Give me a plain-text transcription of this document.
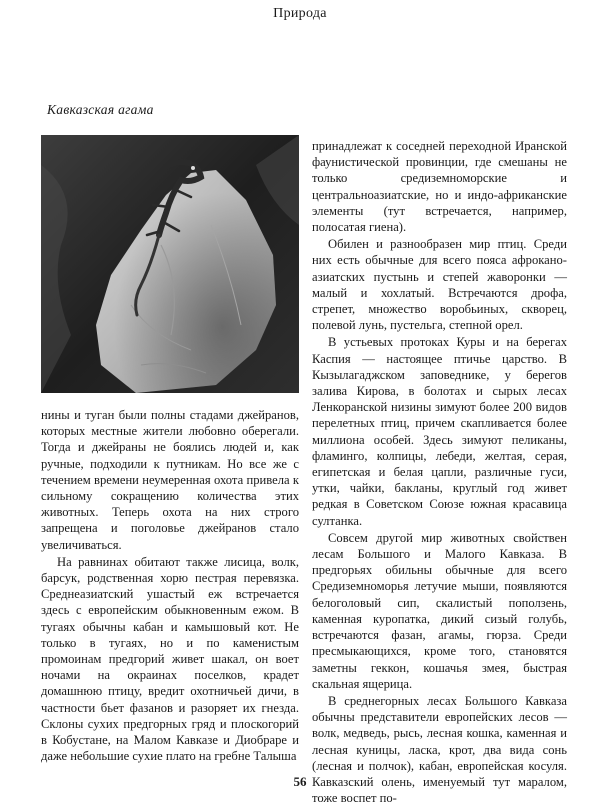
Природа
Кавказская агама

нины и туган были полны стадами джейранов, которых местные жители любовно оберегали. Тогда и джейраны не боялись людей и, как ручные, подходили к путникам. Но все же с течением времени неумеренная охота привела к сильному сокращению количества этих животных. Теперь охота на них строго запрещена и поголовье джейранов стало увеличиваться.

На равнинах обитают также лисица, волк, барсук, родственная хорю пестрая перевязка. Среднеазиатский ушастый еж встречается здесь с европейским обыкновенным ежом. В тугаях обычны кабан и камышовый кот. Не только в тугаях, но и по каменистым промоинам предгорий живет шакал, он воет ночами на окраинах поселков, крадет домашнюю птицу, вредит охотничьей дичи, в частности бьет фазанов и разоряет их гнезда. Склоны сухих предгорных гряд и плоскогорий в Кобустане, на Малом Кавказе и Диобраре и даже небольшие сухие плато на гребне Талыша

принадлежат к соседней переходной Иранской фаунистической провинции, где смешаны не только средиземноморские и центральноазиатские, но и индо-африканские элементы (тут встречается, например, полосатая гиена).

Обилен и разнообразен мир птиц. Среди них есть обычные для всего пояса афрокано-азиатских пустынь и степей жаворонки — малый и хохлатый. Встречаются дрофа, стрепет, множество воробьиных, скворец, полевой лунь, пустельга, степной орел.

В устьевых протоках Куры и на берегах Каспия — настоящее птичье царство. В Кызылагаджском заповеднике, у берегов залива Кирова, в болотах и сырых лесах Ленкоранской низины зимуют более 200 видов перелетных птиц, причем скапливается более миллиона особей. Здесь зимуют пеликаны, фламинго, колпицы, лебеди, желтая, серая, египетская и белая цапли, различные гуси, утки, чайки, бакланы, круглый год живет редкая в Советском Союзе южная красавица султанка.

Совсем другой мир животных свойствен лесам Большого и Малого Кавказа. В предгорьях обильны обычные для всего Средиземноморья летучие мыши, появляются белоголовый сип, скалистый поползень, каменная куропатка, дикий сизый голубь, встречаются фазан, агамы, гюрза. Среди пресмыкающихся, кроме того, становятся заметны геккон, кошачья змея, быстрая скальная ящерица.

В среднегорных лесах Большого Кавказа обычны представители европейских лесов — волк, медведь, рысь, лесная кошка, каменная и лесная куницы, ласка, крот, два вида сонь (лесная и полчок), кабан, европейская косуля. Кавказский олень, именуемый тут маралом, тоже воспет по-

56
